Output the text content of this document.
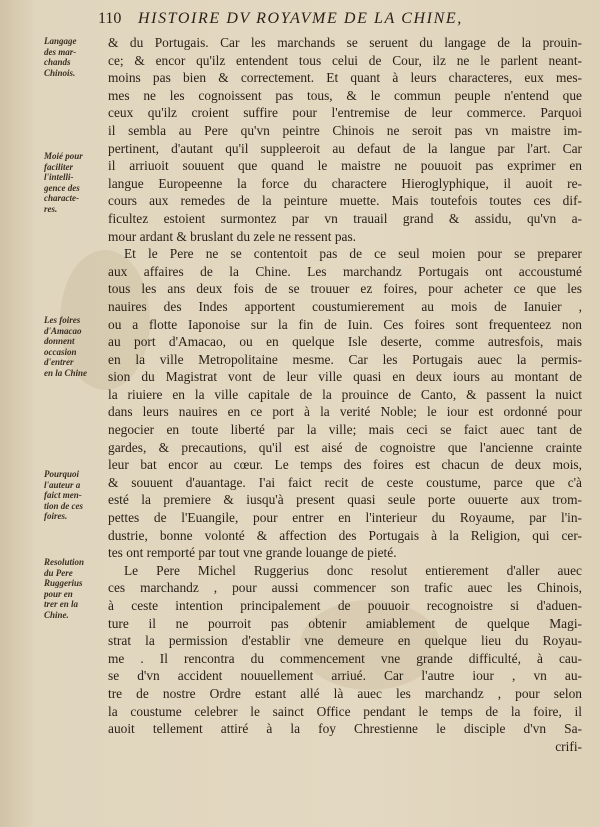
110 HISTOIRE DV ROYAVME DE LA CHINE,
Langage
des mar-
chands
Chinois.
Moié pour
faciliter
l'intelli-
gence des
characte-
res.
Les foires
d'Amacao
donnent
occasion
d'entrer
en la Chine
Pourquoi
l'auteur a
faict men-
tion de ces
foires.
Resolution
du Pere
Ruggerius
pour en
trer en la
Chine.
& du Portugais. Car les marchands se seruent du langage de la prouin-
ce; & encor qu'ilz entendent tous celui de Cour, ilz ne le parlent neant-
moins pas bien & correctement. Et quant à leurs characteres, eux mes-
mes ne les cognoissent pas tous, & le commun peuple n'entend que
ceux qu'ilz croient suffire pour l'entremise de leur commerce. Parquoi
il sembla au Pere qu'vn peintre Chinois ne seroit pas vn maistre im-
pertinent, d'autant qu'il suppleeroit au defaut de la langue par l'art. Car
il arriuoit souuent que quand le maistre ne pouuoit pas exprimer en
langue Europeenne la force du charactere Hieroglyphique, il auoit re-
cours aux remedes de la peinture muette. Mais toutefois toutes ces dif-
ficultez estoient surmontez par vn trauail grand & assidu, qu'vn a-
mour ardant & bruslant du zele ne ressent pas.
Et le Pere ne se contentoit pas de ce seul moien pour se preparer
aux affaires de la Chine. Les marchandz Portugais ont accoustumé
tous les ans deux fois de se trouuer ez foires, pour acheter ce que les
nauires des Indes apportent coustumierement au mois de Ianuier ,
ou a flotte Iaponoise sur la fin de Iuin. Ces foires sont frequenteez non
au port d'Amacao, ou en quelque Isle deserte, comme autresfois, mais
en la ville Metropolitaine mesme. Car les Portugais auec la permis-
sion du Magistrat vont de leur ville quasi en deux iours au montant de
la riuiere en la ville capitale de la prouince de Canto, & passent la nuict
dans leurs nauires en ce port à la verité Noble; le iour est ordonné pour
negocier en toute liberté par la ville; mais ceci se faict auec tant de
gardes, & precautions, qu'il est aisé de cognoistre que l'ancienne crainte
leur bat encor au cœur. Le temps des foires est chacun de deux mois,
& souuent d'auantage. I'ai faict recit de ceste coustume, parce que c'à
esté la premiere & iusqu'à present quasi seule porte ouuerte aux trom-
pettes de l'Euangile, pour entrer en l'interieur du Royaume, par l'in-
dustrie, bonne volonté & affection des Portugais à la Religion, qui cer-
tes ont remporté par tout vne grande louange de pieté.
Le Pere Michel Ruggerius donc resolut entierement d'aller auec
ces marchandz , pour aussi commencer son trafic auec les Chinois,
à ceste intention principalement de pouuoir recognoistre si d'aduen-
ture il ne pourroit pas obtenir amiablement de quelque Magi-
strat la permission d'establir vne demeure en quelque lieu du Royau-
me . Il rencontra du commencement vne grande difficulté, à cau-
se d'vn accident nouuellement arriué. Car l'autre iour , vn au-
tre de nostre Ordre estant allé là auec les marchandz , pour selon
la coustume celebrer le sainct Office pendant le temps de la foire, il
auoit tellement attiré à la foy Chrestienne le disciple d'vn Sa-
crifi-
